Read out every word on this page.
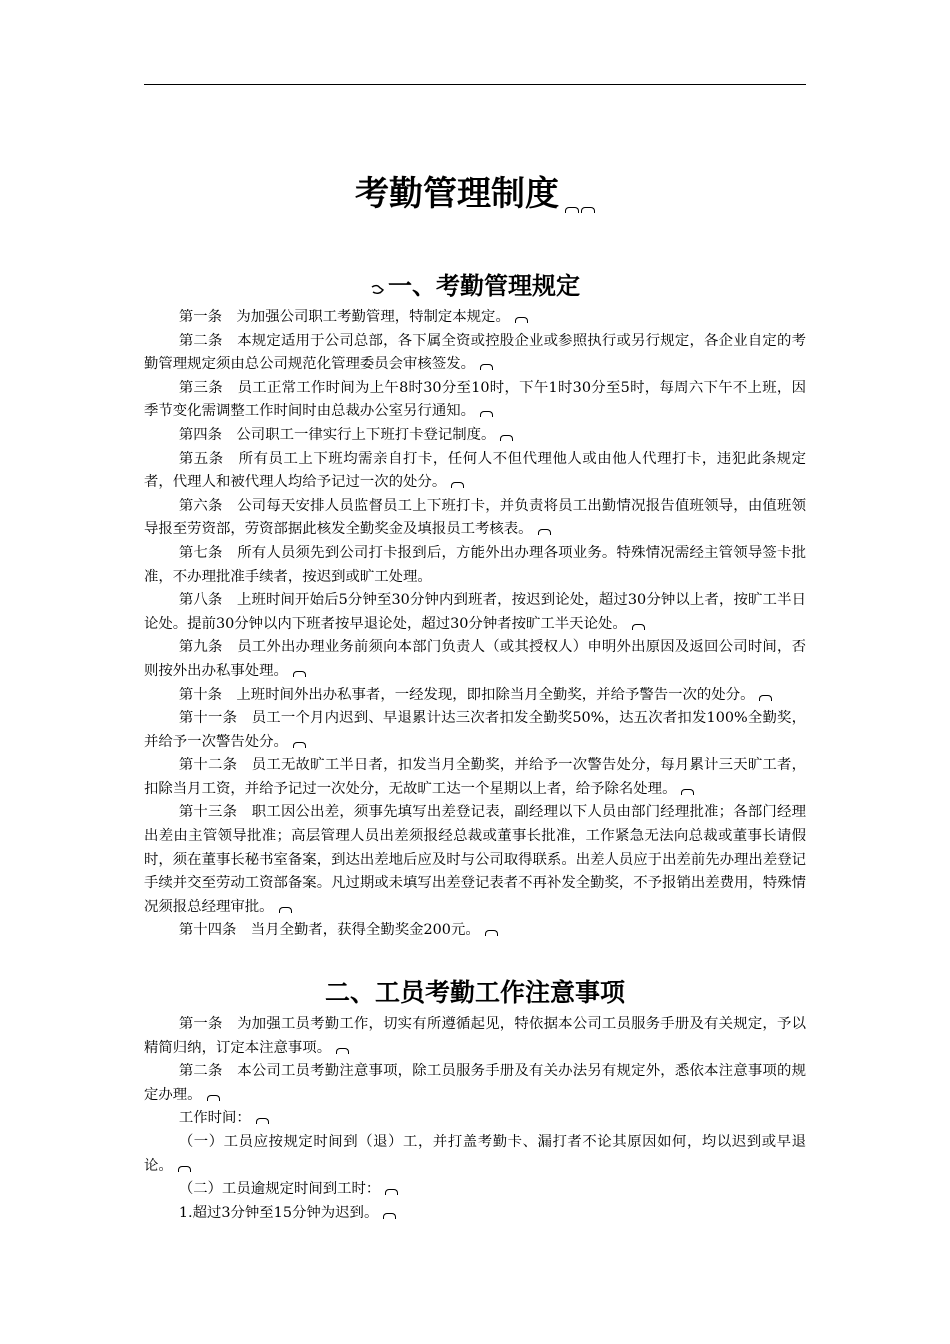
考勤管理制度
一、考勤管理规定

第一条　为加强公司职工考勤管理，特制定本规定。

第二条　本规定适用于公司总部，各下属全资或控股企业或参照执行或另行规定，各企业自定的考勤管理规定须由总公司规范化管理委员会审核签发。

第三条　员工正常工作时间为上午8时30分至10时，下午1时30分至5时，每周六下午不上班，因季节变化需调整工作时间时由总裁办公室另行通知。

第四条　公司职工一律实行上下班打卡登记制度。

第五条　所有员工上下班均需亲自打卡，任何人不但代理他人或由他人代理打卡，违犯此条规定者，代理人和被代理人均给予记过一次的处分。

第六条　公司每天安排人员监督员工上下班打卡，并负责将员工出勤情况报告值班领导，由值班领导报至劳资部，劳资部据此核发全勤奖金及填报员工考核表。

第七条　所有人员须先到公司打卡报到后，方能外出办理各项业务。特殊情况需经主管领导签卡批准，不办理批准手续者，按迟到或旷工处理。

第八条　上班时间开始后5分钟至30分钟内到班者，按迟到论处，超过30分钟以上者，按旷工半日论处。提前30分钟以内下班者按早退论处，超过30分钟者按旷工半天论处。

第九条　员工外出办理业务前须向本部门负责人（或其授权人）申明外出原因及返回公司时间，否则按外出办私事处理。

第十条　上班时间外出办私事者，一经发现，即扣除当月全勤奖，并给予警告一次的处分。

第十一条　员工一个月内迟到、早退累计达三次者扣发全勤奖50%，达五次者扣发100%全勤奖，并给予一次警告处分。

第十二条　员工无故旷工半日者，扣发当月全勤奖，并给予一次警告处分，每月累计三天旷工者，扣除当月工资，并给予记过一次处分，无故旷工达一个星期以上者，给予除名处理。

第十三条　职工因公出差，须事先填写出差登记表，副经理以下人员由部门经理批准；各部门经理出差由主管领导批准；高层管理人员出差须报经总裁或董事长批准，工作紧急无法向总裁或董事长请假时，须在董事长秘书室备案，到达出差地后应及时与公司取得联系。出差人员应于出差前先办理出差登记手续并交至劳动工资部备案。凡过期或未填写出差登记表者不再补发全勤奖，不予报销出差费用，特殊情况须报总经理审批。

第十四条　当月全勤者，获得全勤奖金200元。

二、工员考勤工作注意事项

第一条　为加强工员考勤工作，切实有所遵循起见，特依据本公司工员服务手册及有关规定，予以精简归纳，订定本注意事项。

第二条　本公司工员考勤注意事项，除工员服务手册及有关办法另有规定外，悉依本注意事项的规定办理。

工作时间：

（一）工员应按规定时间到（退）工，并打盖考勤卡、漏打者不论其原因如何，均以迟到或早退论。

（二）工员逾规定时间到工时：

1.超过3分钟至15分钟为迟到。
